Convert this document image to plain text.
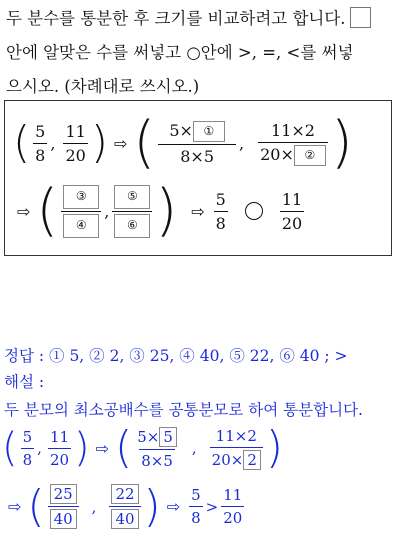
두 분수를 통분한 후 크기를 비교하려고 합니다.
안에 알맞은 수를 써넣고 ○안에 >, =, <를 써넣
으시오. (차례대로 쓰시오.)
( $\frac{5}{8}$ , $\frac{11}{20}$ ) ⇨ ( $\frac{\text{5× ①}}{8\times 5}$ , $\frac{11\times 2}{\text{20× ②}}$ )
⇨ ( $\frac{\text{③}}{\text{④}}$ , $\frac{\text{⑤}}{\text{⑥}}$ ) ⇨ $\frac{5}{8}$	$\frac{11}{20}$
정답 : ① 5, ② 2, ③ 25, ④ 40, ⑤ 22, ⑥ 40 ; >
해설 :
두 분모의 최소공배수를 공통분모로 하여 통분합니다.
( $\frac{5}{8}$ , $\frac{11}{20}$ ) ⇨ ( $\frac{5\times 5}{8\times 5}$ , $\frac{11\times 2}{20\times 2}$ )
⇨ ( $\frac{25}{40}$ , $\frac{22}{40}$ ) ⇨ $\frac{5}{8} > \frac{11}{20}$
